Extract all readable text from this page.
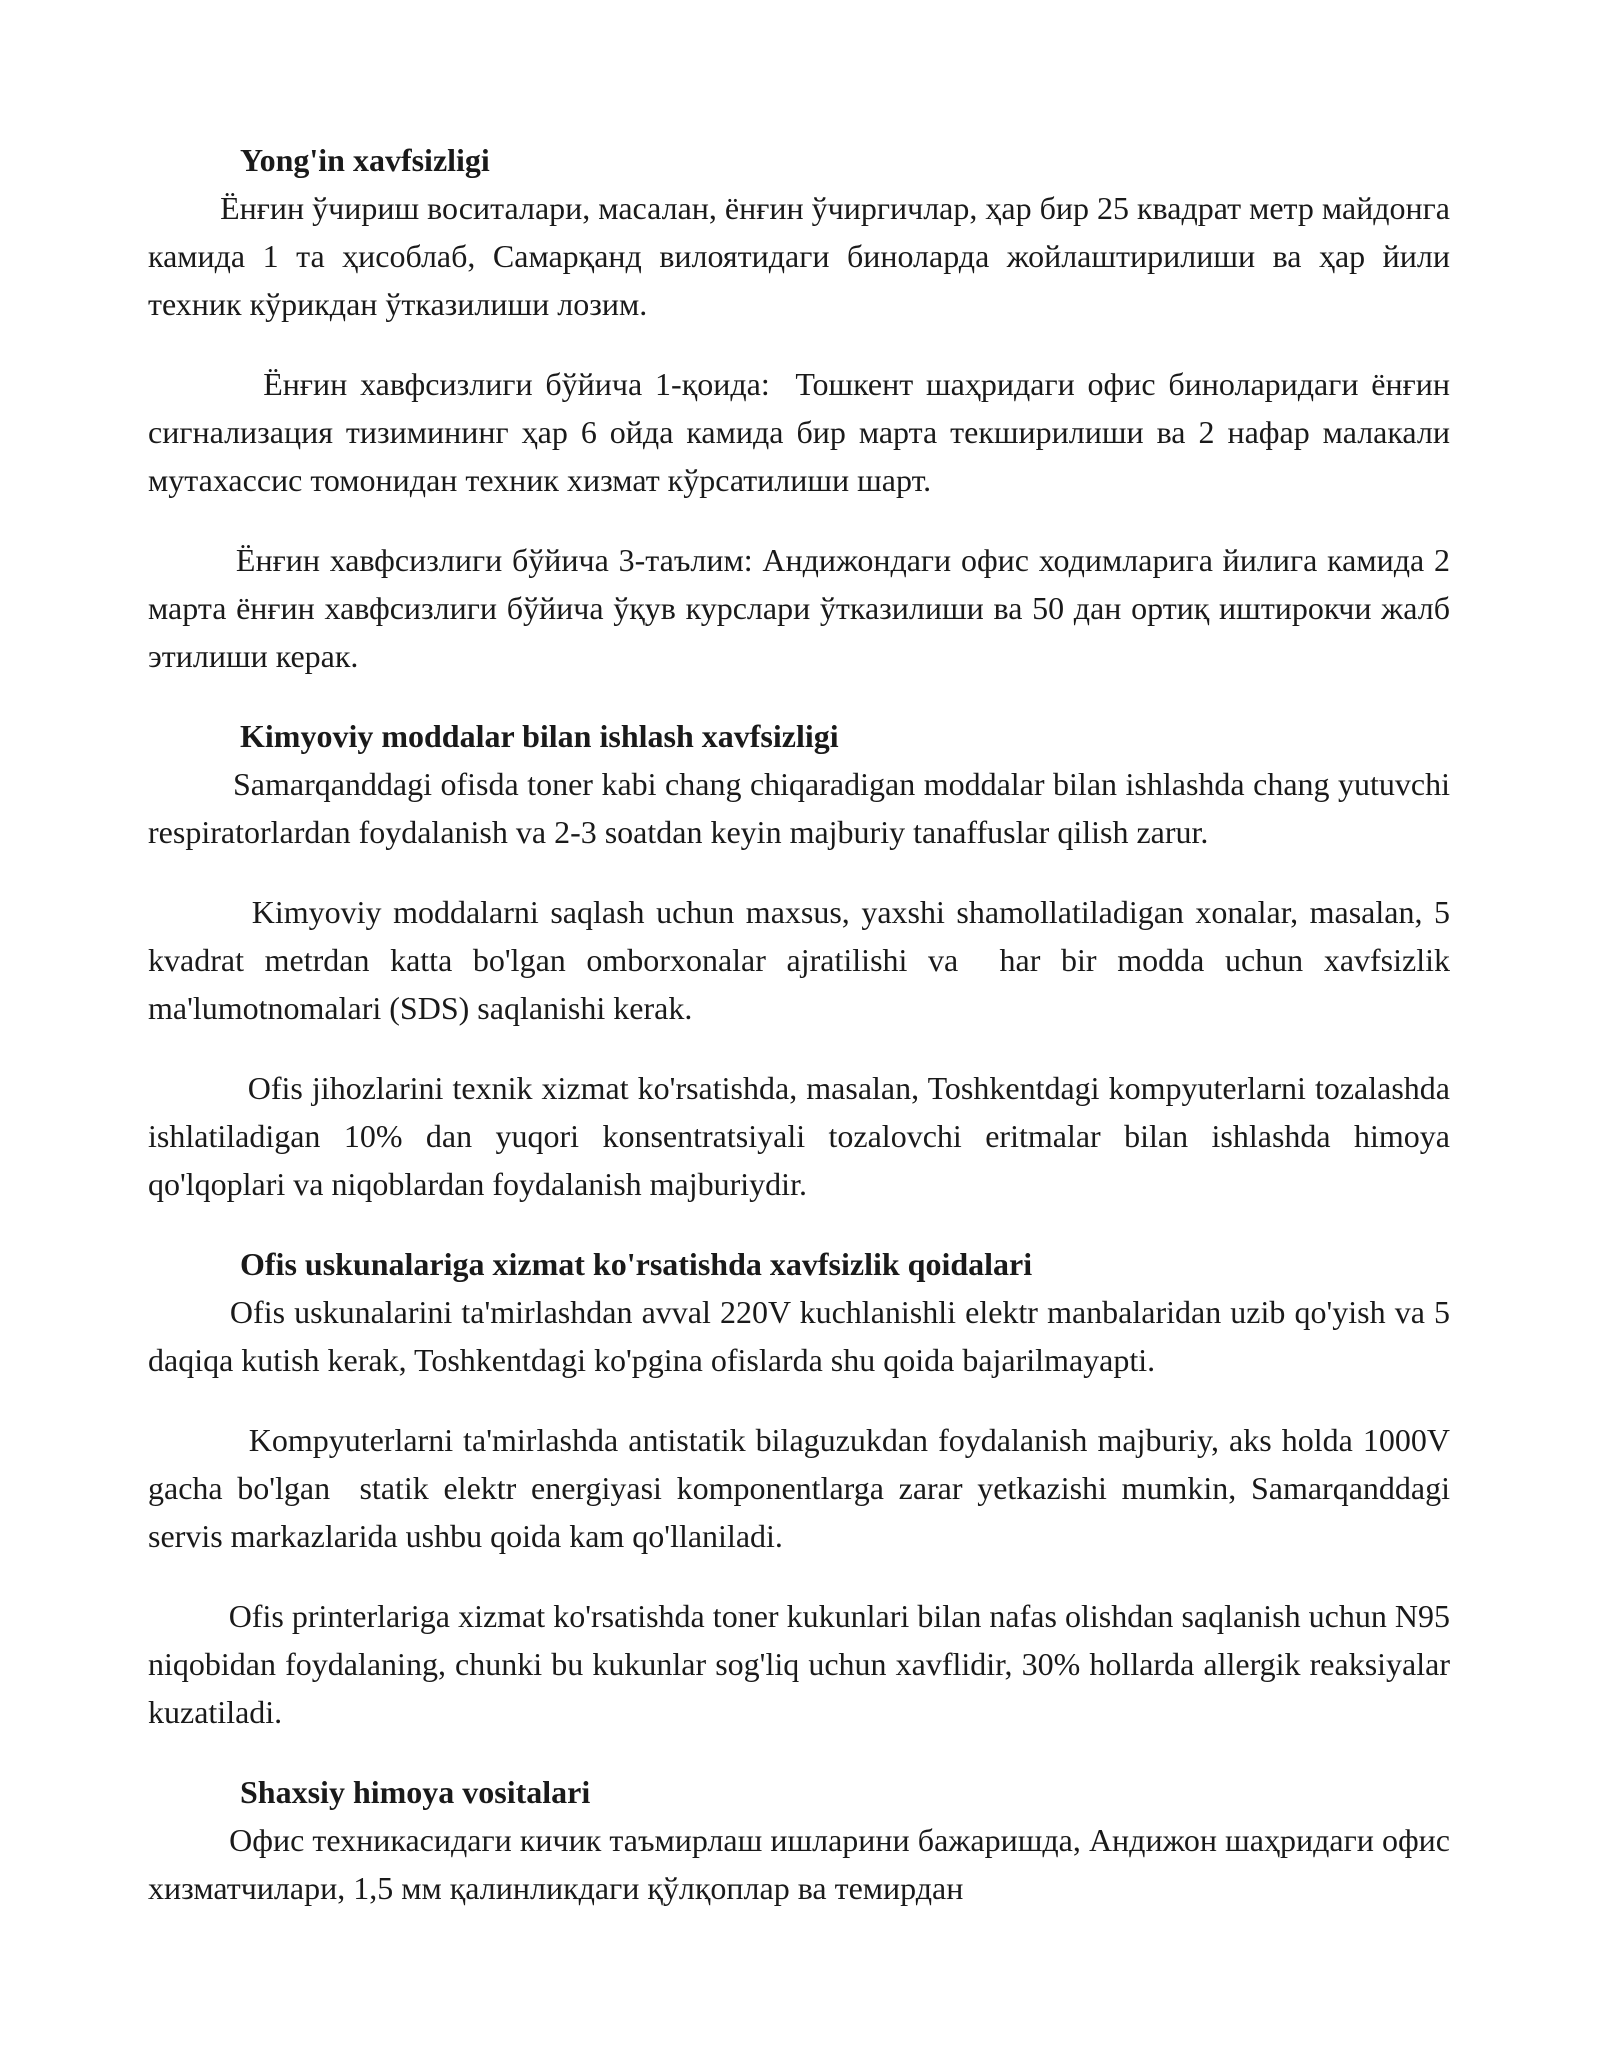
Yong'in xavfsizligi

Ёнғин ўчириш воситалари, масалан, ёнғин ўчиргичлар, ҳар бир 25 квадрат метр майдонга камида 1 та ҳисоблаб, Самарқанд вилоятидаги биноларда жойлаштирилиши ва ҳар йили техник кўрикдан ўтказилиши лозим.

Ёнғин хавфсизлиги бўйича 1-қоида:  Тошкент шаҳридаги офис биноларидаги ёнғин сигнализация тизимининг ҳар 6 ойда камида бир марта текширилиши ва 2 нафар малакали мутахассис томонидан техник хизмат кўрсатилиши шарт.

Ёнғин хавфсизлиги бўйича 3-таълим: Андижондаги офис ходимларига йилига камида 2 марта ёнғин хавфсизлиги бўйича ўқув курслари ўтказилиши ва 50 дан ортиқ иштирокчи жалб этилиши керак.

Kimyoviy moddalar bilan ishlash xavfsizligi

Samarqanddagi ofisda toner kabi chang chiqaradigan moddalar bilan ishlashda chang yutuvchi respiratorlardan foydalanish va 2-3 soatdan keyin majburiy tanaffuslar qilish zarur.

Kimyoviy moddalarni saqlash uchun maxsus, yaxshi shamollatiladigan xonalar, masalan, 5 kvadrat metrdan katta bo'lgan omborxonalar ajratilishi va  har bir modda uchun xavfsizlik ma'lumotnomalari (SDS) saqlanishi kerak.

Ofis jihozlarini texnik xizmat ko'rsatishda, masalan, Toshkentdagi kompyuterlarni tozalashda ishlatiladigan 10% dan yuqori konsentratsiyali tozalovchi eritmalar bilan ishlashda himoya qo'lqoplari va niqoblardan foydalanish majburiydir.

Ofis uskunalariga xizmat ko'rsatishda xavfsizlik qoidalari

Ofis uskunalarini ta'mirlashdan avval 220V kuchlanishli elektr manbalaridan uzib qo'yish va 5 daqiqa kutish kerak, Toshkentdagi ko'pgina ofislarda shu qoida bajarilmayapti.

Kompyuterlarni ta'mirlashda antistatik bilaguzukdan foydalanish majburiy, aks holda 1000V gacha bo'lgan  statik elektr energiyasi komponentlarga zarar yetkazishi mumkin, Samarqanddagi servis markazlarida ushbu qoida kam qo'llaniladi.

Ofis printerlariga xizmat ko'rsatishda toner kukunlari bilan nafas olishdan saqlanish uchun N95 niqobidan foydalaning, chunki bu kukunlar sog'liq uchun xavflidir, 30% hollarda allergik reaksiyalar kuzatiladi.

Shaxsiy himoya vositalari

Офис техникасидаги кичик таъмирлаш ишларини бажаришда, Андижон шаҳридаги офис хизматчилари, 1,5 мм қалинликдаги қўлқоплар ва темирдан
